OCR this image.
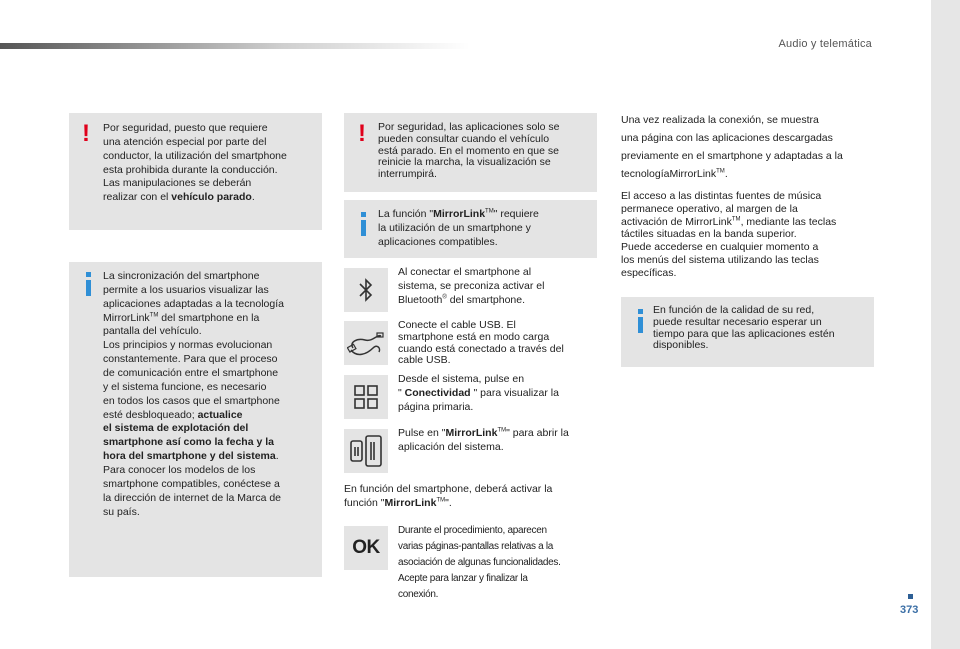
Audio y telemática
! Por seguridad, puesto que requiere

una atención especial por parte del

conductor, la utilización del smartphone

esta prohibida durante la conducción.

Las manipulaciones se deberán

realizar con el vehículo parado.

La sincronización del smartphone

permite a los usuarios visualizar las

aplicaciones adaptadas a la tecnología

MirrorLink™ del smartphone en la

pantalla del vehículo.

Los principios y normas evolucionan

constantemente. Para que el proceso

de comunicación entre el smartphone

y el sistema funcione, es necesario

en todos los casos que el smartphone

esté desbloqueado; actualice

el sistema de explotación del

smartphone así como la fecha y la

hora del smartphone y del sistema.

Para conocer los modelos de los

smartphone compatibles, conéctese a

la dirección de internet de la Marca de

su país.

! Por seguridad, las aplicaciones solo se

pueden consultar cuando el vehículo

está parado. En el momento en que se

reinicie la marcha, la visualización se

interrumpirá.

La función "MirrorLink™" requiere

la utilización de un smartphone y

aplicaciones compatibles.

Al conectar el smartphone al

sistema, se preconiza activar el

Bluetooth® del smartphone.

Conecte el cable USB. El

smartphone está en modo carga

cuando está conectado a través del

cable USB.

Desde el sistema, pulse en

" Conectividad " para visualizar la

página primaria.

Pulse en "MirrorLink™" para abrir la

aplicación del sistema.

En función del smartphone, deberá activar la

función "MirrorLink™".

OK

Durante el procedimiento, aparecen

varias páginas-pantallas relativas a la

asociación de algunas funcionalidades.

Acepte para lanzar y finalizar la

conexión.

Una vez realizada la conexión, se muestra

una página con las aplicaciones descargadas

previamente en el smartphone y adaptadas a la

tecnologíaMirrorLink™.

El acceso a las distintas fuentes de música

permanece operativo, al margen de la

activación de MirrorLink™, mediante las teclas

táctiles situadas en la banda superior.

Puede accederse en cualquier momento a

los menús del sistema utilizando las teclas

específicas.

En función de la calidad de su red,

puede resultar necesario esperar un

tiempo para que las aplicaciones estén

disponibles.

373
